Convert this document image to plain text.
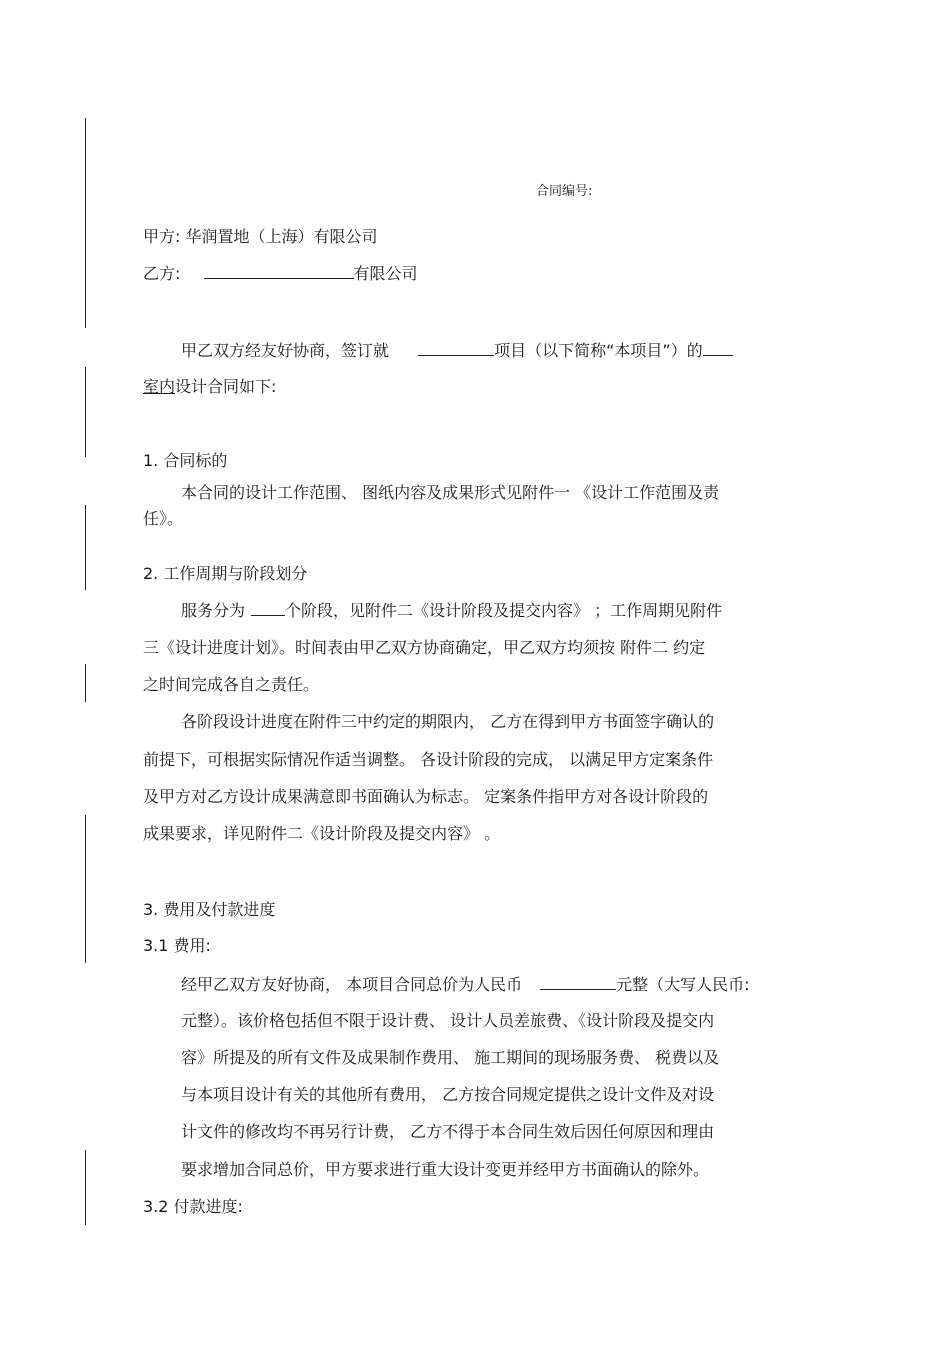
合同编号:
甲方: 华润置地（上海）有限公司
乙方:	有限公司
甲乙双方经友好协商，签订就	项目（以下简称“本项目”）的
室内设计合同如下:
1. 合同标的
本合同的设计工作范围、 图纸内容及成果形式见附件一 《设计工作范围及责
任》。
2. 工作周期与阶段划分
服务分为	个阶段，见附件二《设计阶段及提交内容》 ；工作周期见附件
三《设计进度计划》。时间表由甲乙双方协商确定，甲乙双方均须按 附件二 约定
之时间完成各自之责任。
各阶段设计进度在附件三中约定的期限内， 乙方在得到甲方书面签字确认的
前提下，可根据实际情况作适当调整。 各设计阶段的完成， 以满足甲方定案条件
及甲方对乙方设计成果满意即书面确认为标志。 定案条件指甲方对各设计阶段的
成果要求，详见附件二《设计阶段及提交内容》 。
3. 费用及付款进度
3.1 费用:
经甲乙双方友好协商， 本项目合同总价为人民币	元整（大写人民币:
元整）。该价格包括但不限于设计费、 设计人员差旅费、《设计阶段及提交内
容》所提及的所有文件及成果制作费用、 施工期间的现场服务费、 税费以及
与本项目设计有关的其他所有费用， 乙方按合同规定提供之设计文件及对设
计文件的修改均不再另行计费， 乙方不得于本合同生效后因任何原因和理由
要求增加合同总价，甲方要求进行重大设计变更并经甲方书面确认的除外。
3.2 付款进度:
